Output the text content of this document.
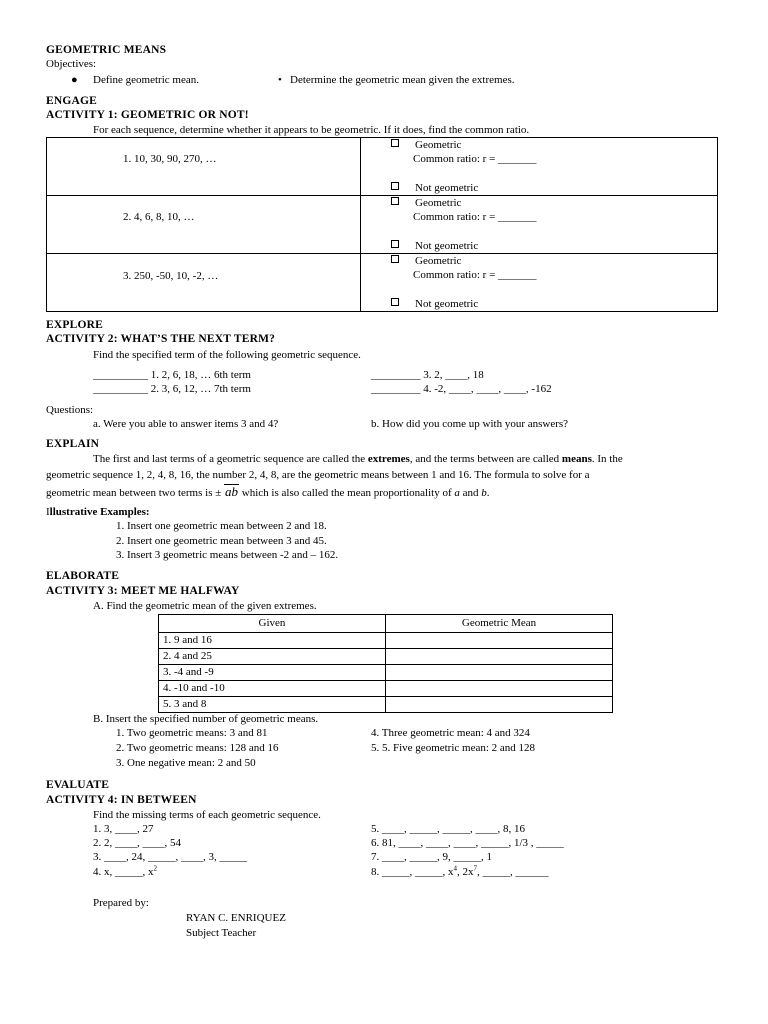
GEOMETRIC MEANS
Objectives:
● Define geometric mean.	• Determine the geometric mean given the extremes.
ENGAGE
ACTIVITY 1: GEOMETRIC OR NOT!
For each sequence, determine whether it appears to be geometric. If it does, find the common ratio.
1. 10, 30, 90, 270, …	Geometric
Common ratio: r = _______
Not geometric

2. 4, 6, 8, 10, …	Geometric
Common ratio: r = _______
Not geometric

3. 250, -50, 10, -2, …	Geometric
Common ratio: r = _______
Not geometric
EXPLORE
ACTIVITY 2: WHAT’S THE NEXT TERM?
Find the specified term of the following geometric sequence.
__________ 1. 2, 6, 18, … 6th term
__________ 2. 3, 6, 12, … 7th term
_________ 3. 2, ____, 18
_________ 4. -2, ____, ____, ____, -162
Questions:
a. Were you able to answer items 3 and 4?	b. How did you come up with your answers?
EXPLAIN
The first and last terms of a geometric sequence are called the extremes, and the terms between are called means. In the
geometric sequence 1, 2, 4, 8, 16, the number 2, 4, 8, are the geometric means between 1 and 16. The formula to solve for a
geometric mean between two terms is ± ab which is also called the mean proportionality of a and b.
Illustrative Examples:
1. Insert one geometric mean between 2 and 18.
2. Insert one geometric mean between 3 and 45.
3. Insert 3 geometric means between -2 and – 162.
ELABORATE
ACTIVITY 3: MEET ME HALFWAY
A. Find the geometric mean of the given extremes.
Given	Geometric Mean
1. 9 and 16	
2. 4 and 25	
3. -4 and -9	
4. -10 and -10	
5. 3 and 8	
B. Insert the specified number of geometric means.
1. Two geometric means: 3 and 81
2. Two geometric means: 128 and 16
3. One negative mean: 2 and 50
4. Three geometric mean: 4 and 324
5. 5. Five geometric mean: 2 and 128
EVALUATE
ACTIVITY 4: IN BETWEEN
Find the missing terms of each geometric sequence.
1. 3, ____, 27
2. 2, ____, ____, 54
3. ____, 24, _____, ____, 3, _____
4. x, _____, $x^2$
5. ____, _____, _____, ____, 8, 16
6. 81, ____, ____, ____, _____, 1/3 , _____
7. ____, _____, 9, _____, 1
8. _____, _____, $x^4$, $2x^7$, _____, ______
Prepared by:
RYAN C. ENRIQUEZ
Subject Teacher
